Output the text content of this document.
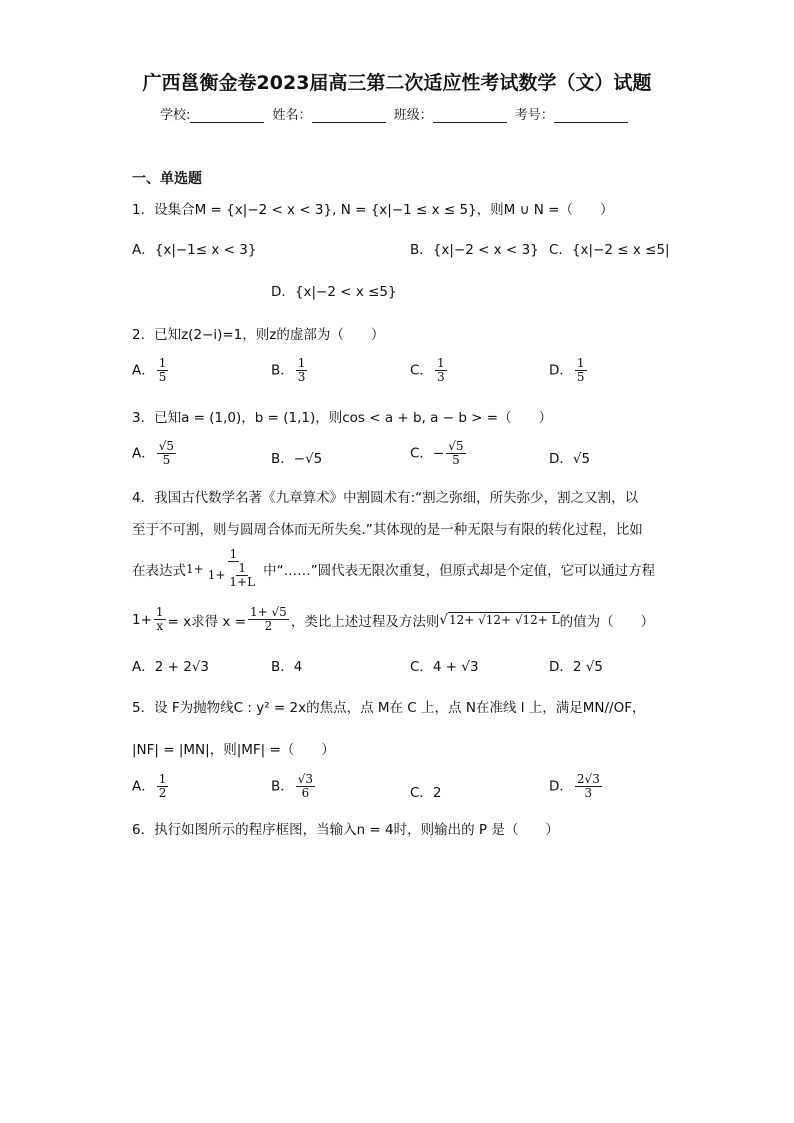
广西邕衡金卷2023届高三第二次适应性考试数学（文）试题
学校:	姓名：	班级：	考号：
一、单选题
1．设集合M = {x|−2 < x < 3}, N = {x|−1 ≤ x ≤ 5}，则M ∪ N =（　　）
A．{x|−1≤ x < 3}	B．{x|−2 < x < 3} C．{x|−2 ≤ x ≤5|
D．{x|−2 < x ≤5}
2．已知z(2−i)=1，则z的虚部为（　　）
A． $\frac{1}{5}$	B． $\frac{1}{3}$	C． $\frac{1}{3}$	D． $\frac{1}{5}$
3．已知a = (1,0)，b = (1,1)，则cos < a + b, a − b > =（　　）
A． $\frac{√5}{5}$	B．−√5	C．− $\frac{√5}{5}$	D．√5
4．我国古代数学名著《九章算术》中割圆术有:“割之弥细，所失弥少，割之又割，以
至于不可割，则与圆周合体而无所失矣.”其体现的是一种无限与有限的转化过程，比如
在表达式 $1+ \frac{1}{1+ \frac{1}{1+L}}$ 中“……”圆代表无限次重复，但原式却是个定值，它可以通过方程
$1+ \frac{1}{x} = x$求得 $x = \frac{1+ √5}{2}$ ，类比上述过程及方法则 √ 12+ √12+ √12+ L 的值为（　　）
A．2 + 2√3	B．4	C．4 + √3	D．2 √5
5．设 F为抛物线C : y² = 2x的焦点，点 M在 C 上，点 N在准线 l 上，满足MN//OF，
|NF| = |MN|，则|MF| =（　　）
A． $\frac{1}{2}$	B． $\frac{√3}{6}$	C．2	D． $\frac{2√3}{3}$
6．执行如图所示的程序框图，当输入n = 4时，则输出的 P 是（　　）
